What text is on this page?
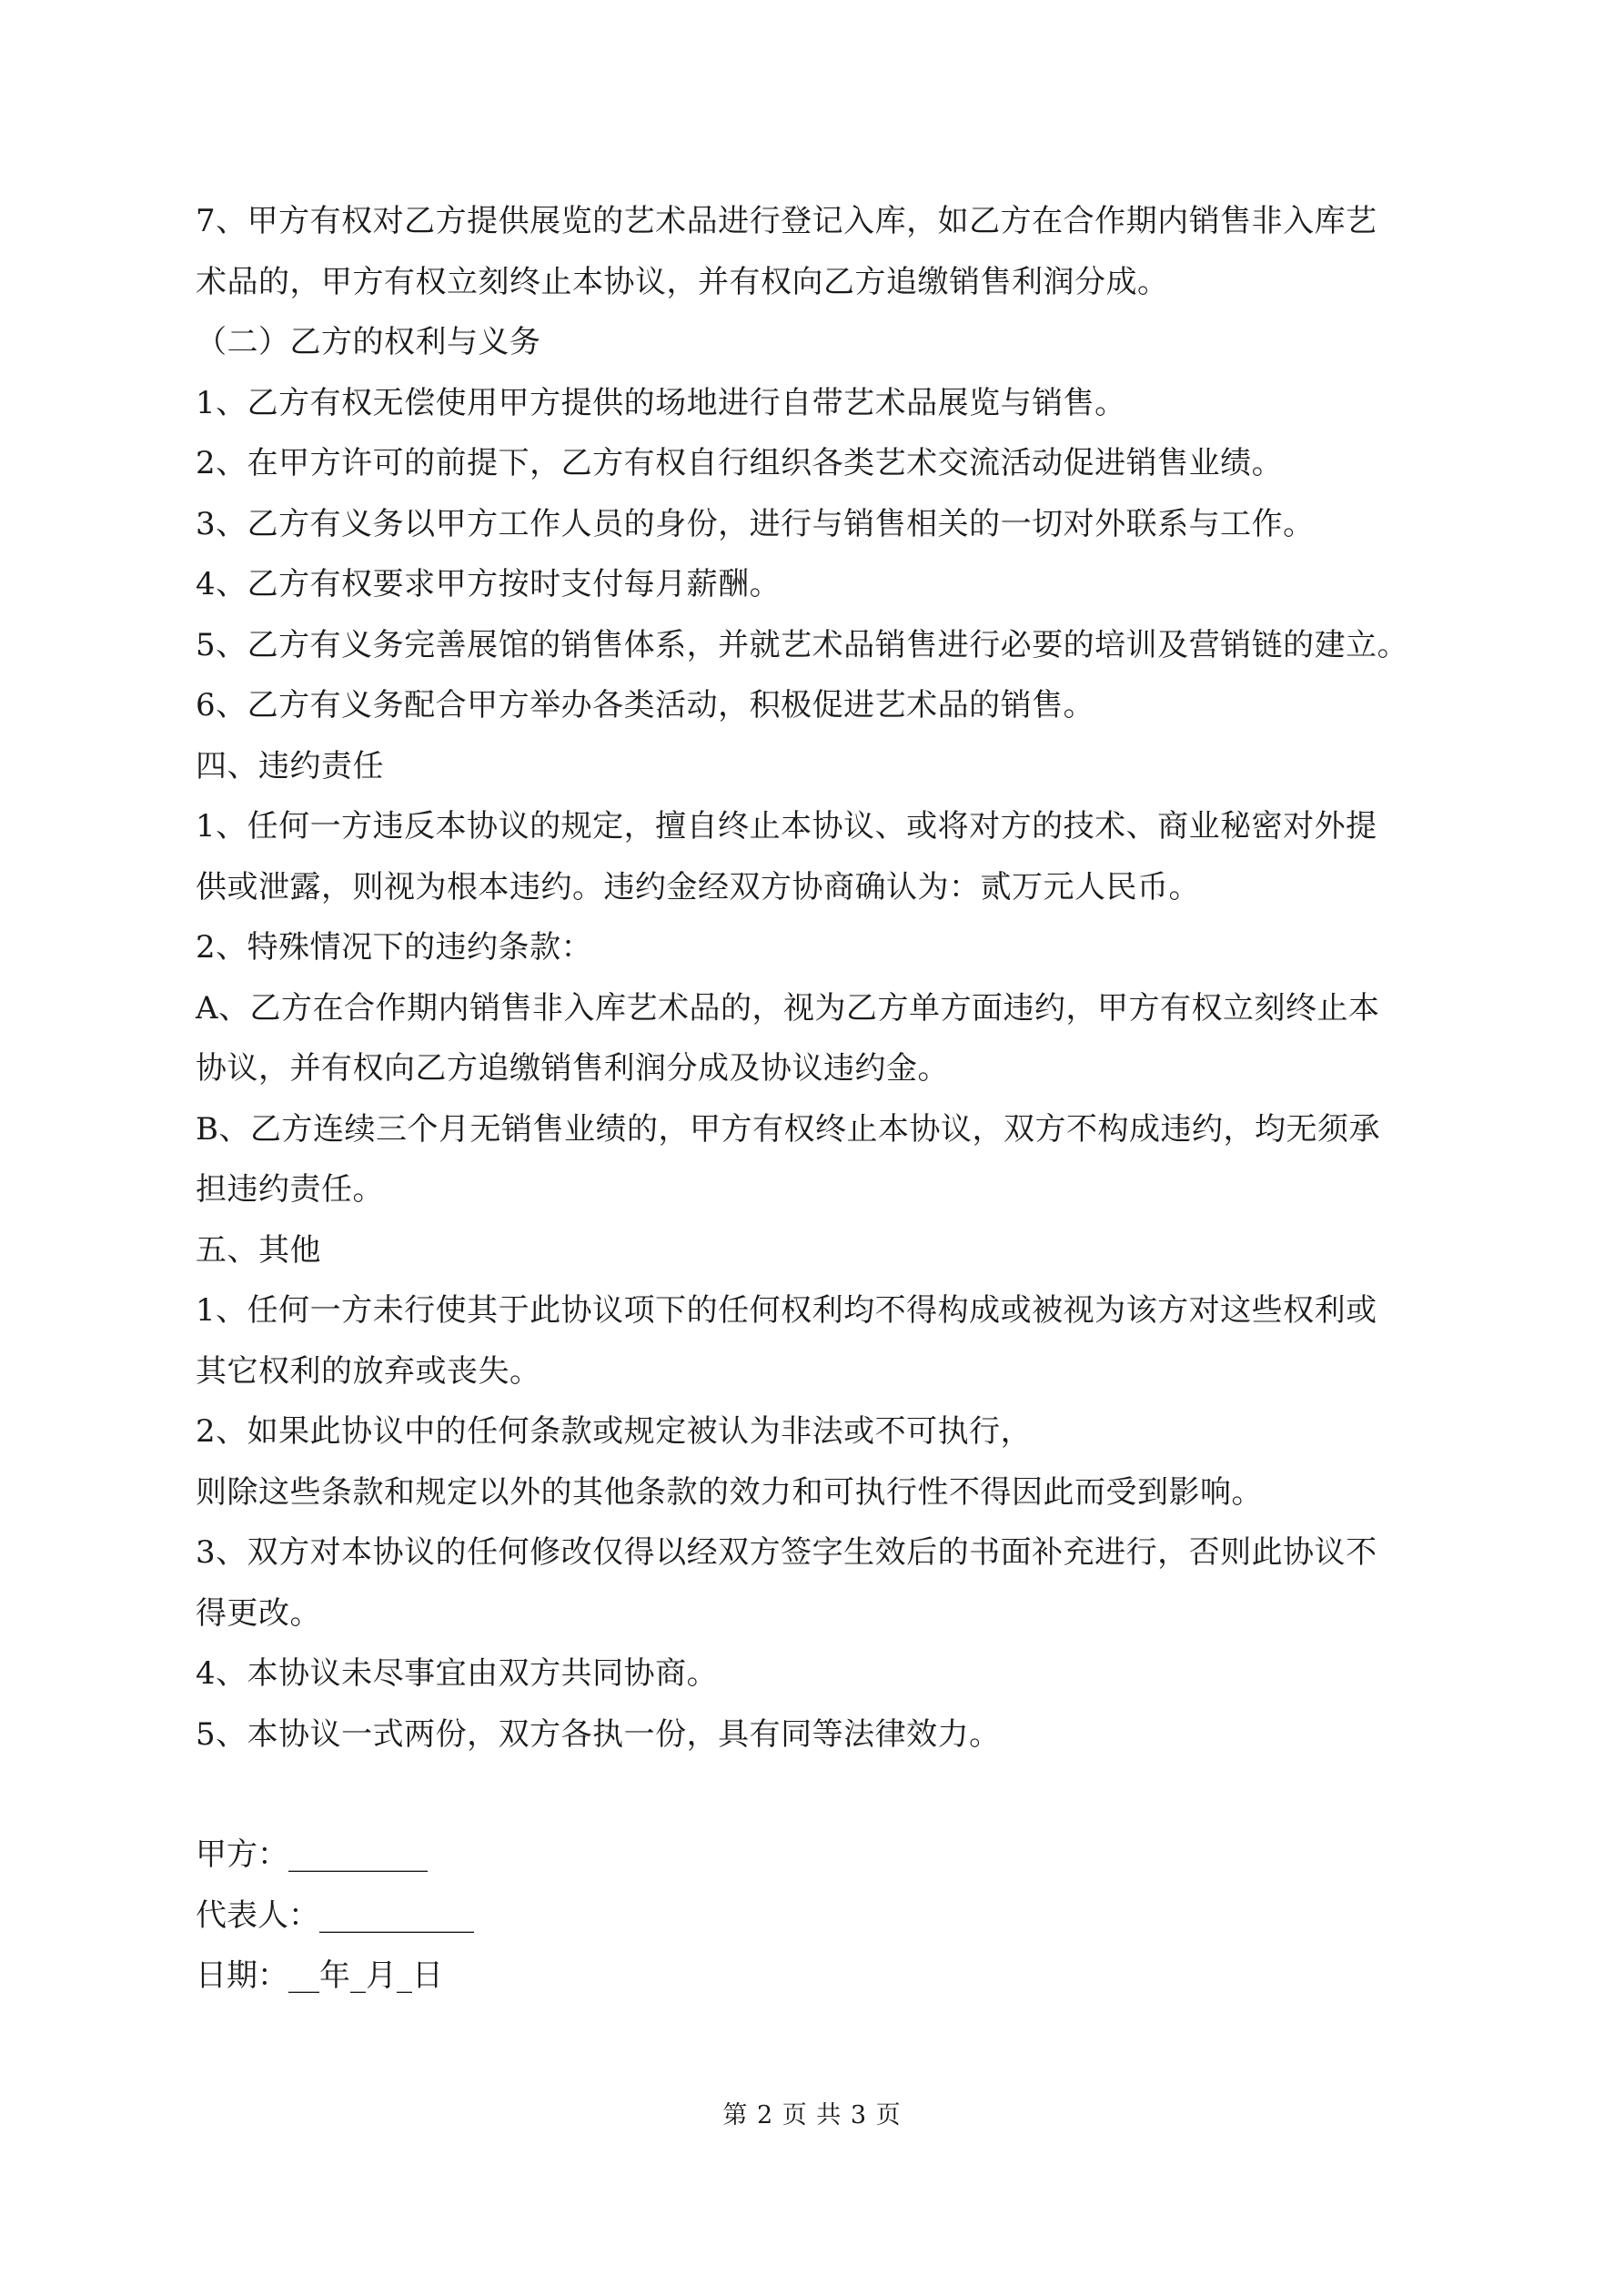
7、甲方有权对乙方提供展览的艺术品进行登记入库，如乙方在合作期内销售非入库艺
术品的，甲方有权立刻终止本协议，并有权向乙方追缴销售利润分成。
（二）乙方的权利与义务
1、乙方有权无偿使用甲方提供的场地进行自带艺术品展览与销售。
2、在甲方许可的前提下，乙方有权自行组织各类艺术交流活动促进销售业绩。
3、乙方有义务以甲方工作人员的身份，进行与销售相关的一切对外联系与工作。
4、乙方有权要求甲方按时支付每月薪酬。
5、乙方有义务完善展馆的销售体系，并就艺术品销售进行必要的培训及营销链的建立。
6、乙方有义务配合甲方举办各类活动，积极促进艺术品的销售。
四、违约责任
1、任何一方违反本协议的规定，擅自终止本协议、或将对方的技术、商业秘密对外提
供或泄露，则视为根本违约。违约金经双方协商确认为：贰万元人民币。
2、特殊情况下的违约条款：
A、乙方在合作期内销售非入库艺术品的，视为乙方单方面违约，甲方有权立刻终止本
协议，并有权向乙方追缴销售利润分成及协议违约金。
B、乙方连续三个月无销售业绩的，甲方有权终止本协议，双方不构成违约，均无须承
担违约责任。
五、其他
1、任何一方未行使其于此协议项下的任何权利均不得构成或被视为该方对这些权利或
其它权利的放弃或丧失。
2、如果此协议中的任何条款或规定被认为非法或不可执行，
则除这些条款和规定以外的其他条款的效力和可执行性不得因此而受到影响。
3、双方对本协议的任何修改仅得以经双方签字生效后的书面补充进行，否则此协议不
得更改。
4、本协议未尽事宜由双方共同协商。
5、本协议一式两份，双方各执一份，具有同等法律效力。
甲方：_________
代表人：__________
日期：__年_月_日
第 2 页 共 3 页
